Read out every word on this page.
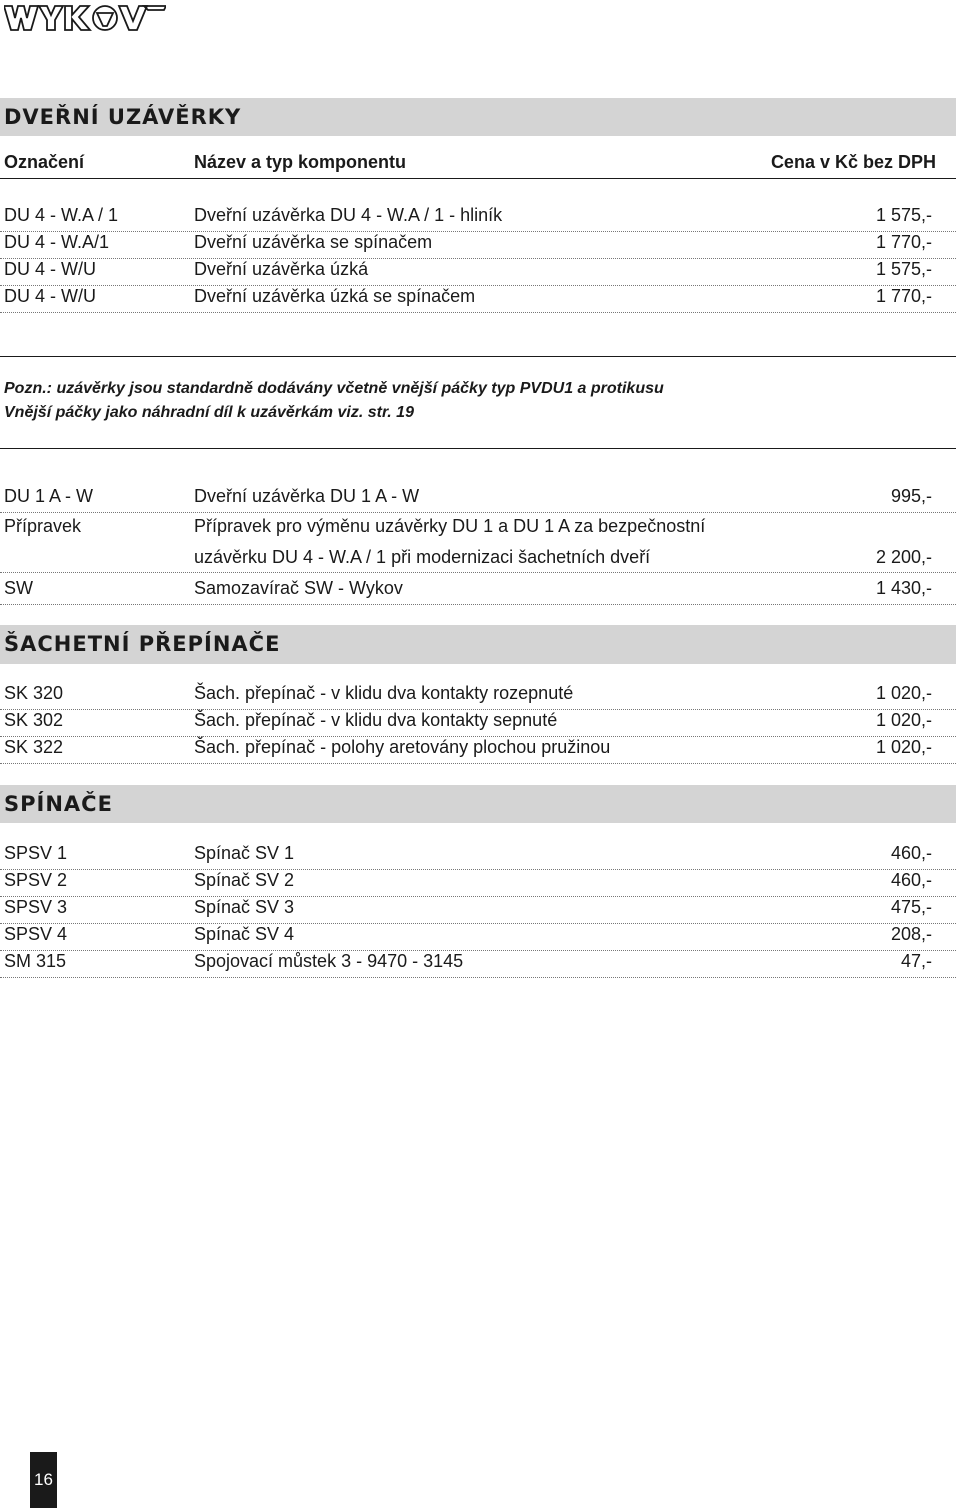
DVEŘNÍ UZÁVĚRKY
Označení	Název a typ komponentu	Cena v Kč bez DPH
DU 4 - W.A / 1	Dveřní uzávěrka DU 4 - W.A / 1 - hliník	1 575,-
DU 4 - W.A/1	Dveřní uzávěrka se spínačem	1 770,-
DU 4 - W/U	Dveřní uzávěrka úzká	1 575,-
DU 4 - W/U	Dveřní uzávěrka úzká se spínačem	1 770,-
Pozn.: uzávěrky jsou standardně dodávány včetně vnější páčky typ PVDU1 a protikusu
Vnější páčky jako náhradní díl k uzávěrkám viz. str. 19
DU 1 A - W	Dveřní uzávěrka DU 1 A - W	995,-
Přípravek	Přípravek pro výměnu uzávěrky DU 1 a DU 1 A za bezpečnostní
uzávěrku DU 4 - W.A / 1 při modernizaci šachetních dveří	2 200,-
SW	Samozavírač SW - Wykov	1 430,-
ŠACHETNÍ PŘEPÍNAČE
SK 320	Šach. přepínač - v klidu dva kontakty rozepnuté	1 020,-
SK 302	Šach. přepínač - v klidu dva kontakty sepnuté	1 020,-
SK 322	Šach. přepínač - polohy aretovány plochou pružinou	1 020,-
SPÍNAČE
SPSV 1	Spínač SV 1	460,-
SPSV 2	Spínač SV 2	460,-
SPSV 3	Spínač SV 3	475,-
SPSV 4	Spínač SV 4	208,-
SM 315	Spojovací můstek 3 - 9470 - 3145	47,-
16
